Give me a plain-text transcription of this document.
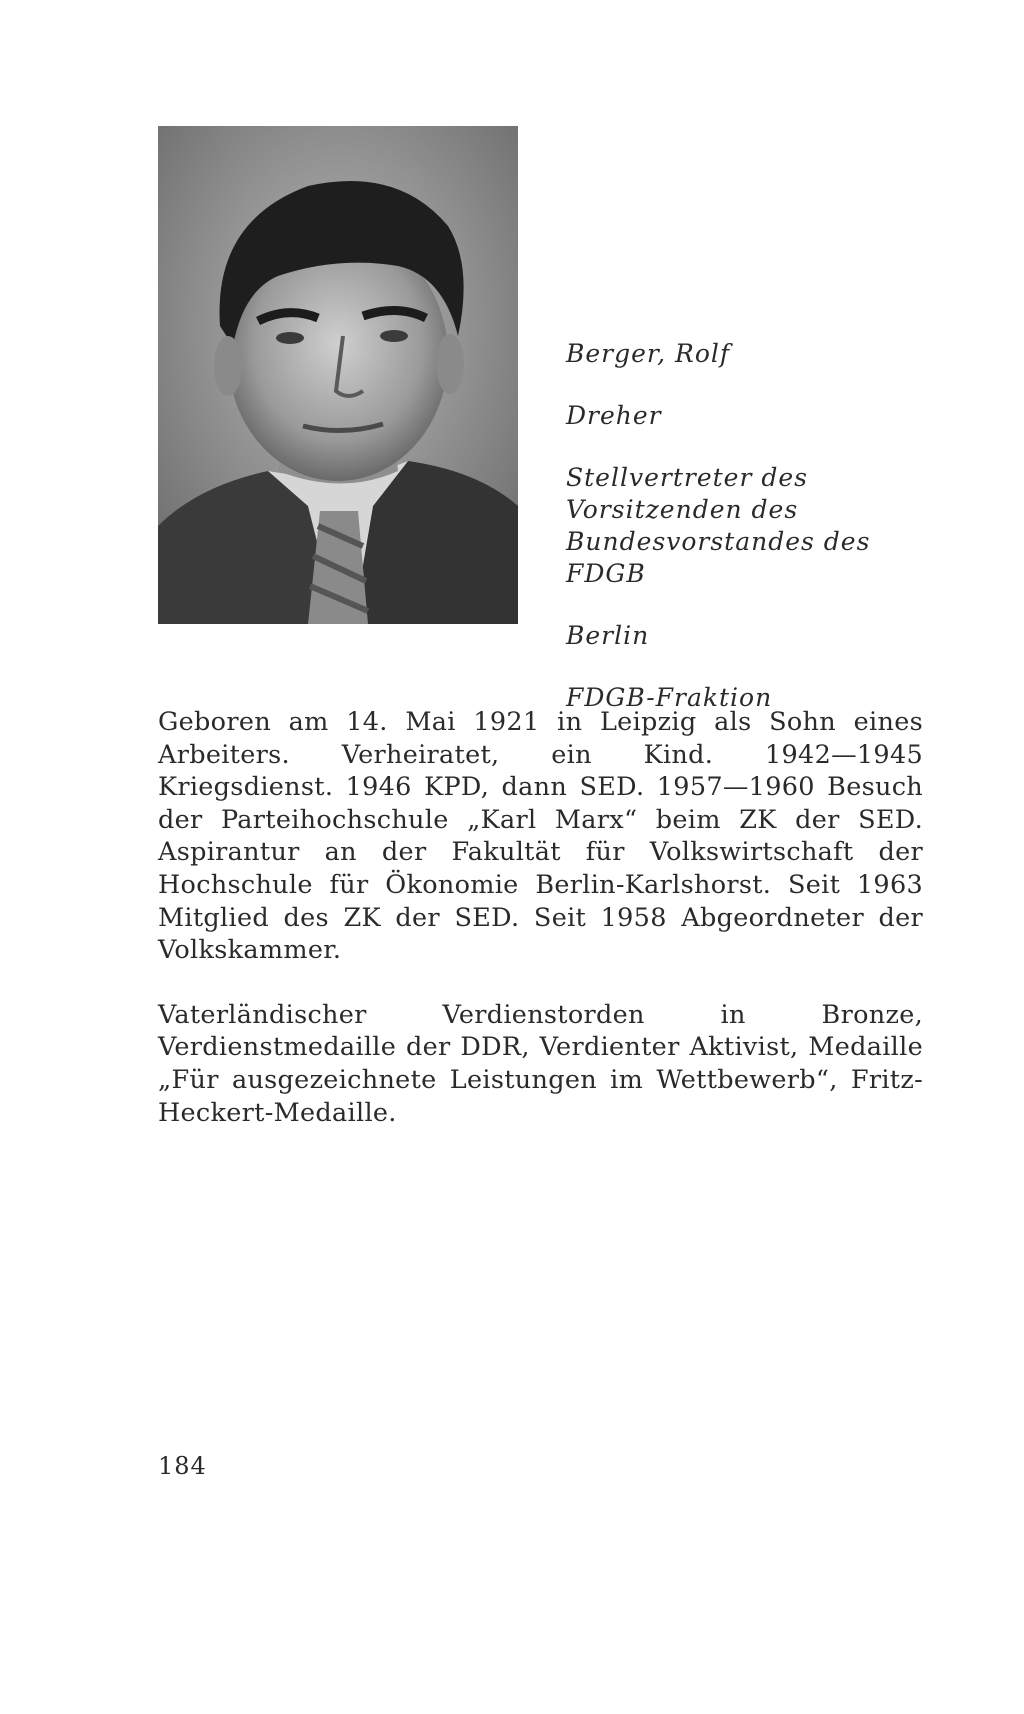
Berger, Rolf

Dreher

Stellvertreter des Vorsitzenden des Bundesvorstandes des FDGB

Berlin

FDGB-Fraktion

Geboren am 14. Mai 1921 in Leipzig als Sohn eines Arbeiters. Verheiratet, ein Kind. 1942—1945 Kriegsdienst. 1946 KPD, dann SED. 1957—1960 Besuch der Parteihochschule „Karl Marx“ beim ZK der SED. Aspirantur an der Fakultät für Volkswirtschaft der Hochschule für Ökonomie Berlin-Karlshorst. Seit 1963 Mitglied des ZK der SED. Seit 1958 Abgeordneter der Volkskammer.

Vaterländischer Verdienstorden in Bronze, Verdienstmedaille der DDR, Verdienter Aktivist, Medaille „Für ausgezeichnete Leistungen im Wettbewerb“, Fritz-Heckert-Medaille.

184
